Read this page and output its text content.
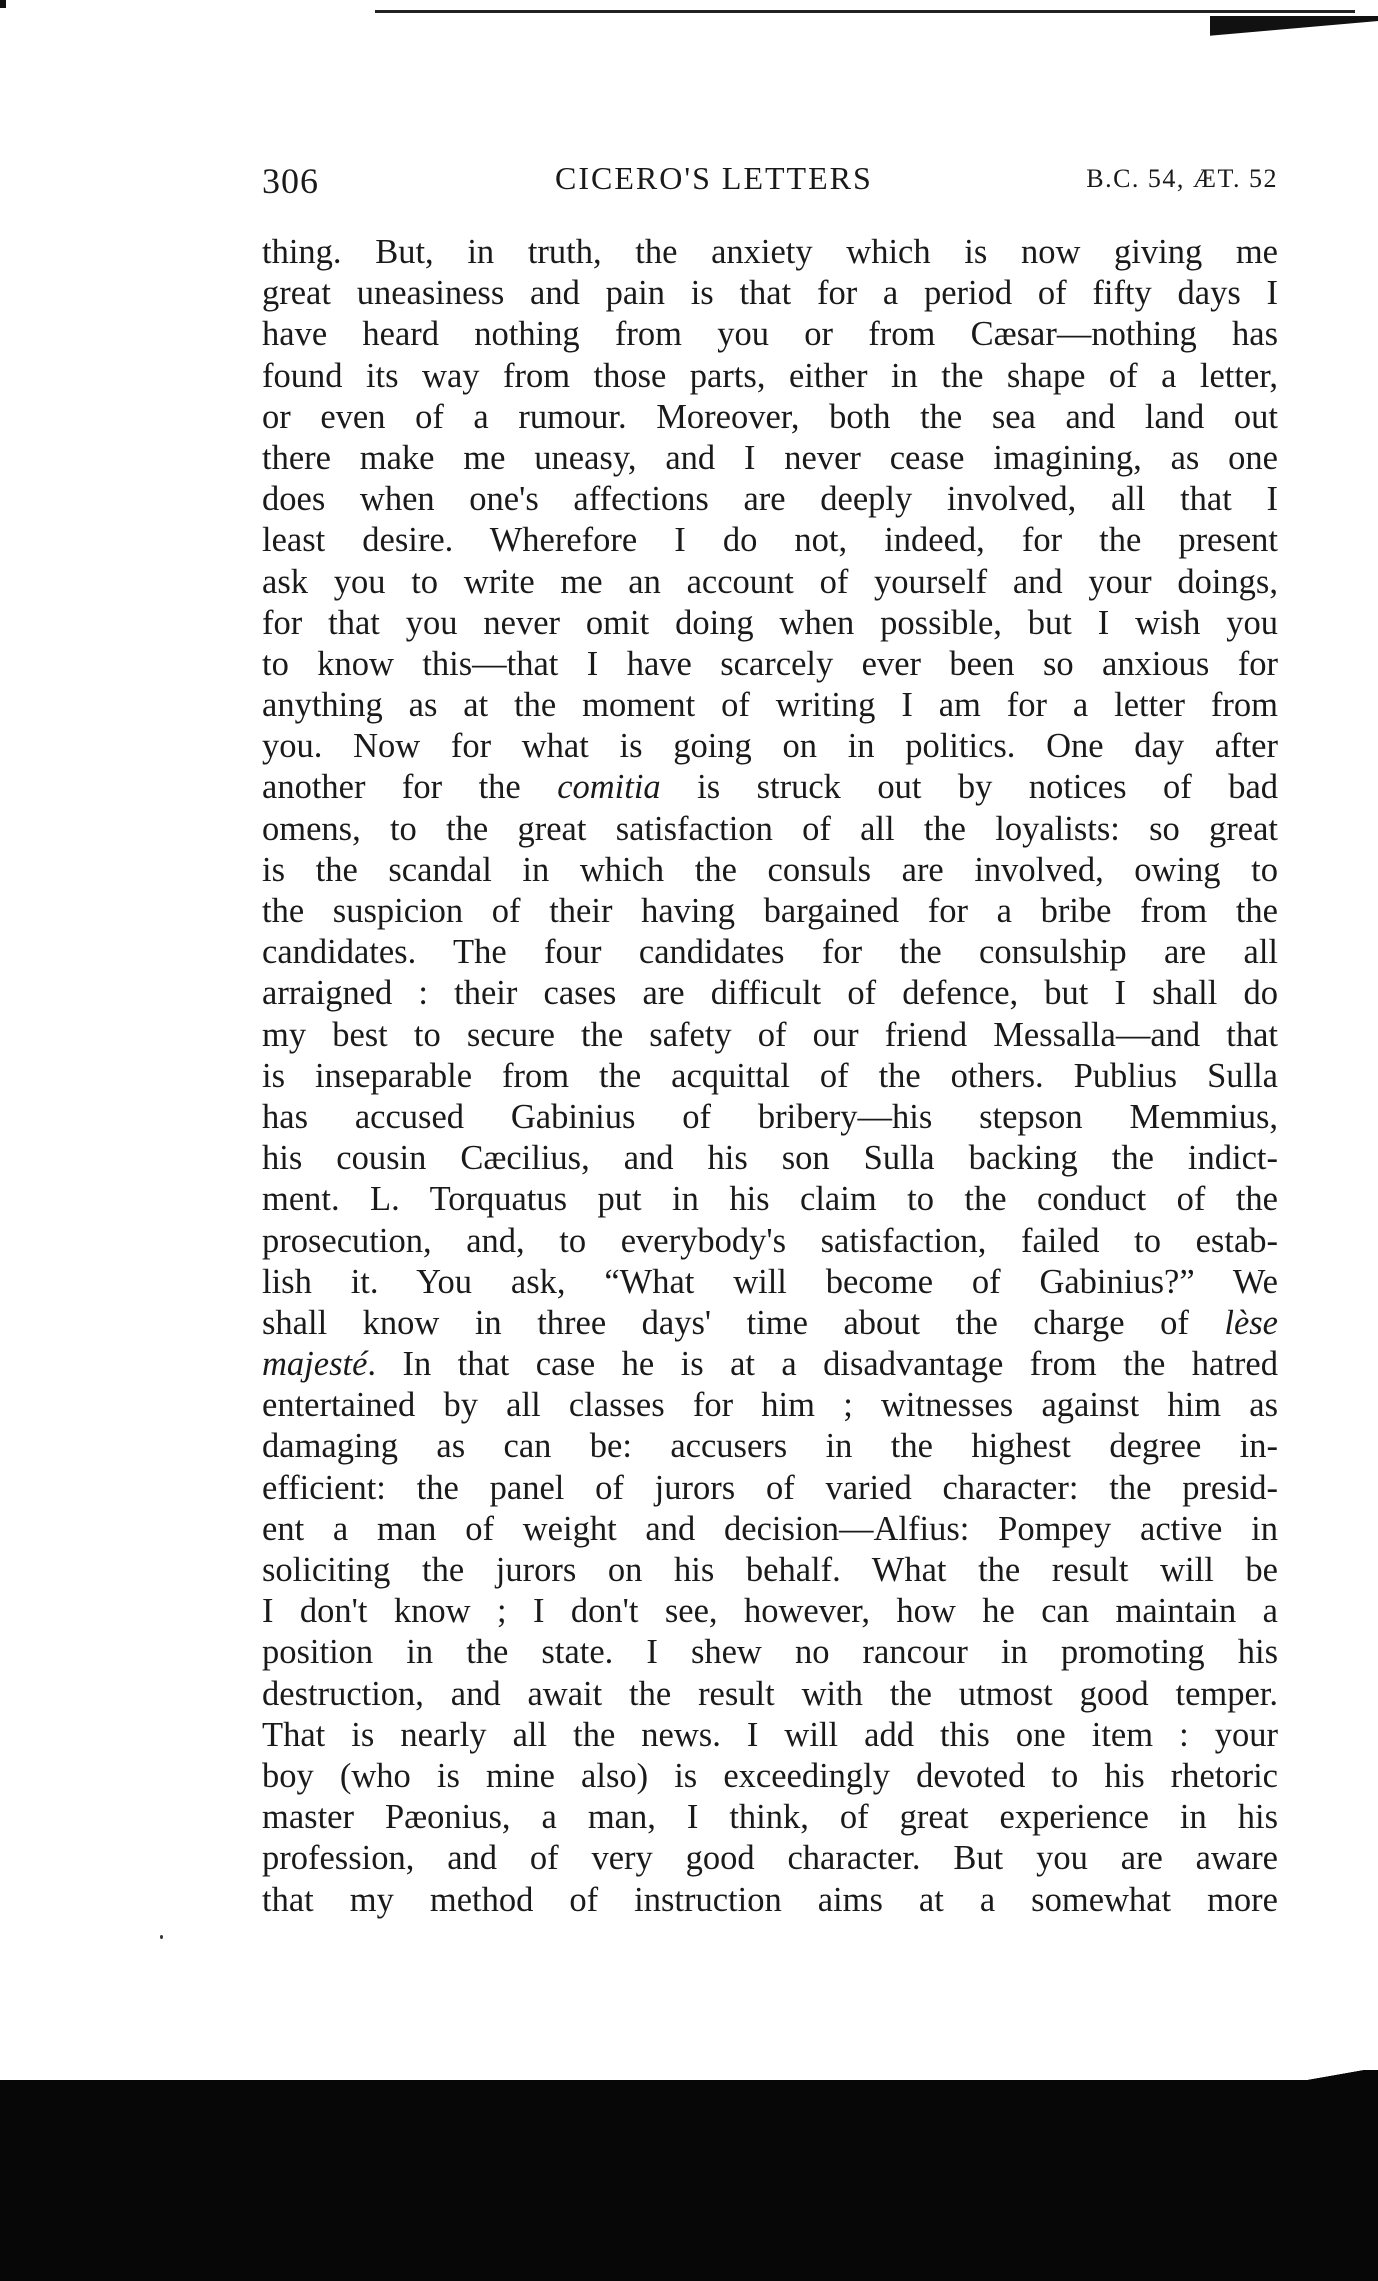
306	CICERO'S LETTERS	B.C. 54, ÆT. 52
thing. But, in truth, the anxiety which is now giving me
great uneasiness and pain is that for a period of fifty days I
have heard nothing from you or from Cæsar—nothing has
found its way from those parts, either in the shape of a letter,
or even of a rumour. Moreover, both the sea and land out
there make me uneasy, and I never cease imagining, as one
does when one's affections are deeply involved, all that I
least desire. Wherefore I do not, indeed, for the present
ask you to write me an account of yourself and your doings,
for that you never omit doing when possible, but I wish you
to know this—that I have scarcely ever been so anxious for
anything as at the moment of writing I am for a letter from
you. Now for what is going on in politics. One day after
another for the comitia is struck out by notices of bad
omens, to the great satisfaction of all the loyalists: so great
is the scandal in which the consuls are involved, owing to
the suspicion of their having bargained for a bribe from the
candidates. The four candidates for the consulship are all
arraigned : their cases are difficult of defence, but I shall do
my best to secure the safety of our friend Messalla—and that
is inseparable from the acquittal of the others. Publius Sulla
has accused Gabinius of bribery—his stepson Memmius,
his cousin Cæcilius, and his son Sulla backing the indict-
ment. L. Torquatus put in his claim to the conduct of the
prosecution, and, to everybody's satisfaction, failed to estab-
lish it. You ask, “What will become of Gabinius?” We
shall know in three days' time about the charge of lèse
majesté. In that case he is at a disadvantage from the hatred
entertained by all classes for him ; witnesses against him as
damaging as can be: accusers in the highest degree in-
efficient: the panel of jurors of varied character: the presid-
ent a man of weight and decision—Alfius: Pompey active in
soliciting the jurors on his behalf. What the result will be
I don't know ; I don't see, however, how he can maintain a
position in the state. I shew no rancour in promoting his
destruction, and await the result with the utmost good temper.
That is nearly all the news. I will add this one item : your
boy (who is mine also) is exceedingly devoted to his rhetoric
master Pæonius, a man, I think, of great experience in his
profession, and of very good character. But you are aware
that my method of instruction aims at a somewhat more
